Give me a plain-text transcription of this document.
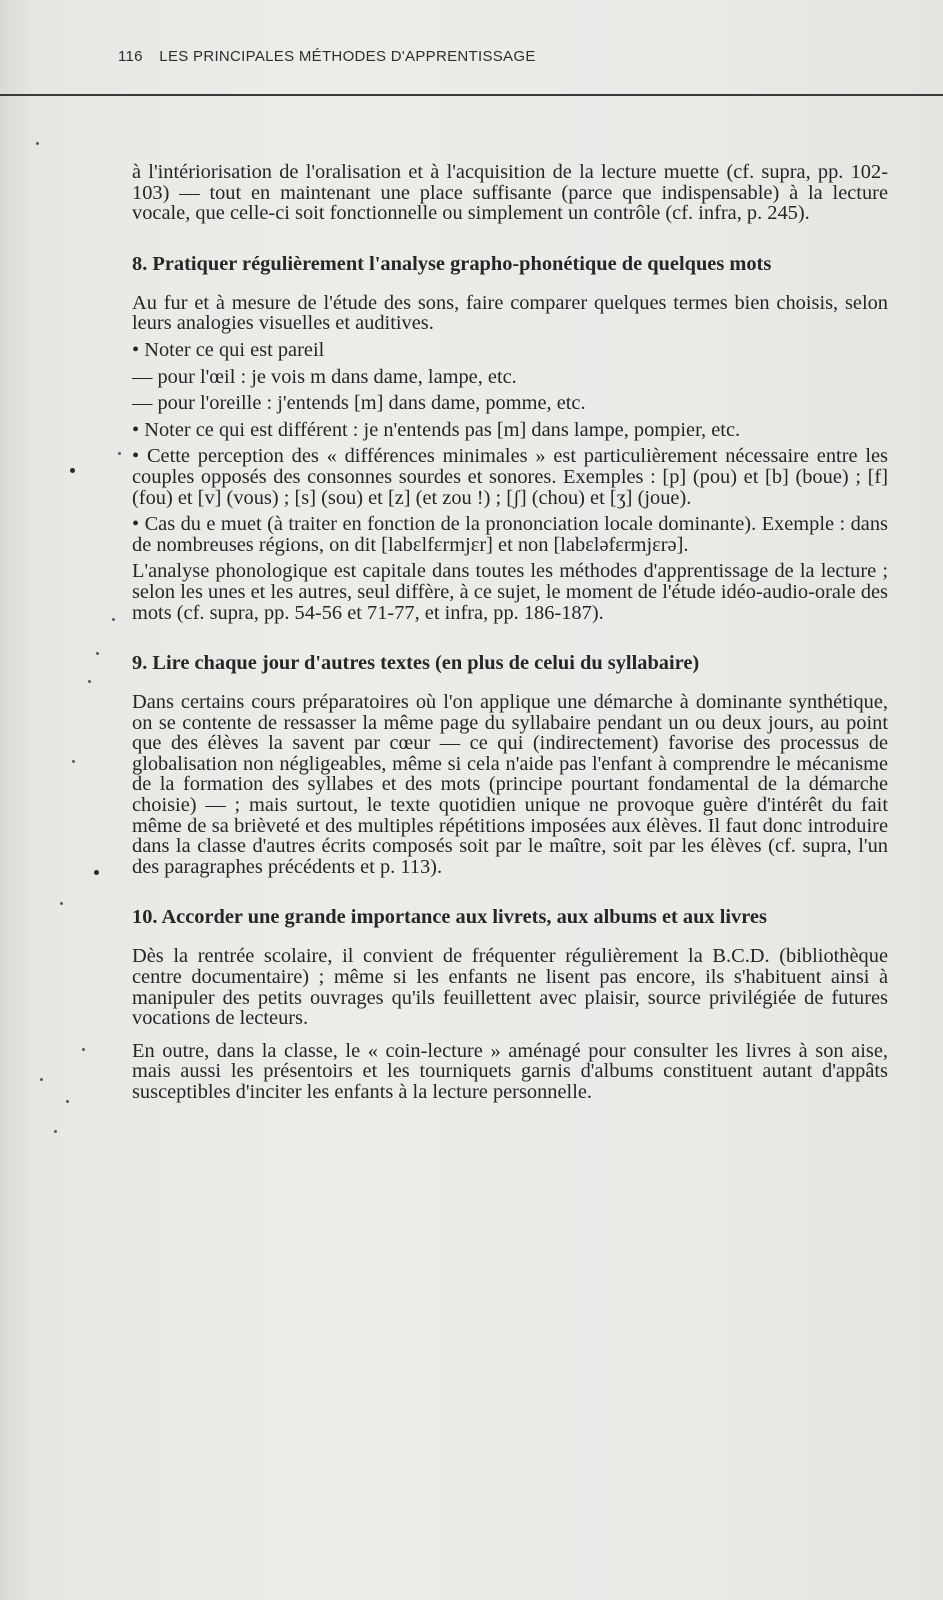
116 LES PRINCIPALES MÉTHODES D'APPRENTISSAGE

à l'intériorisation de l'oralisation et à l'acquisition de la lecture muette (cf. supra, pp. 102-103) — tout en maintenant une place suffisante (parce que indispensable) à la lecture vocale, que celle-ci soit fonctionnelle ou simplement un contrôle (cf. infra, p. 245).

8. Pratiquer régulièrement l'analyse grapho-phonétique de quelques mots

Au fur et à mesure de l'étude des sons, faire comparer quelques termes bien choisis, selon leurs analogies visuelles et auditives.

• Noter ce qui est pareil

— pour l'œil : je vois m dans dame, lampe, etc.

— pour l'oreille : j'entends [m] dans dame, pomme, etc.

• Noter ce qui est différent : je n'entends pas [m] dans lampe, pompier, etc.

• Cette perception des « différences minimales » est particulièrement nécessaire entre les couples opposés des consonnes sourdes et sonores. Exemples : [p] (pou) et [b] (boue) ; [f] (fou) et [v] (vous) ; [s] (sou) et [z] (et zou !) ; [ʃ] (chou) et [ʒ] (joue).

• Cas du e muet (à traiter en fonction de la prononciation locale dominante). Exemple : dans de nombreuses régions, on dit [labɛlfɛrmjɛr] et non [labɛləfɛrmjɛrə].

L'analyse phonologique est capitale dans toutes les méthodes d'apprentissage de la lecture ; selon les unes et les autres, seul diffère, à ce sujet, le moment de l'étude idéo-audio-orale des mots (cf. supra, pp. 54-56 et 71-77, et infra, pp. 186-187).

9. Lire chaque jour d'autres textes (en plus de celui du syllabaire)

Dans certains cours préparatoires où l'on applique une démarche à dominante synthétique, on se contente de ressasser la même page du syllabaire pendant un ou deux jours, au point que des élèves la savent par cœur — ce qui (indirectement) favorise des processus de globalisation non négligeables, même si cela n'aide pas l'enfant à comprendre le mécanisme de la formation des syllabes et des mots (principe pourtant fondamental de la démarche choisie) — ; mais surtout, le texte quotidien unique ne provoque guère d'intérêt du fait même de sa brièveté et des multiples répétitions imposées aux élèves. Il faut donc introduire dans la classe d'autres écrits composés soit par le maître, soit par les élèves (cf. supra, l'un des paragraphes précédents et p. 113).

10. Accorder une grande importance aux livrets, aux albums et aux livres

Dès la rentrée scolaire, il convient de fréquenter régulièrement la B.C.D. (bibliothèque centre documentaire) ; même si les enfants ne lisent pas encore, ils s'habituent ainsi à manipuler des petits ouvrages qu'ils feuillettent avec plaisir, source privilégiée de futures vocations de lecteurs.

En outre, dans la classe, le « coin-lecture » aménagé pour consulter les livres à son aise, mais aussi les présentoirs et les tourniquets garnis d'albums constituent autant d'appâts susceptibles d'inciter les enfants à la lecture personnelle.
